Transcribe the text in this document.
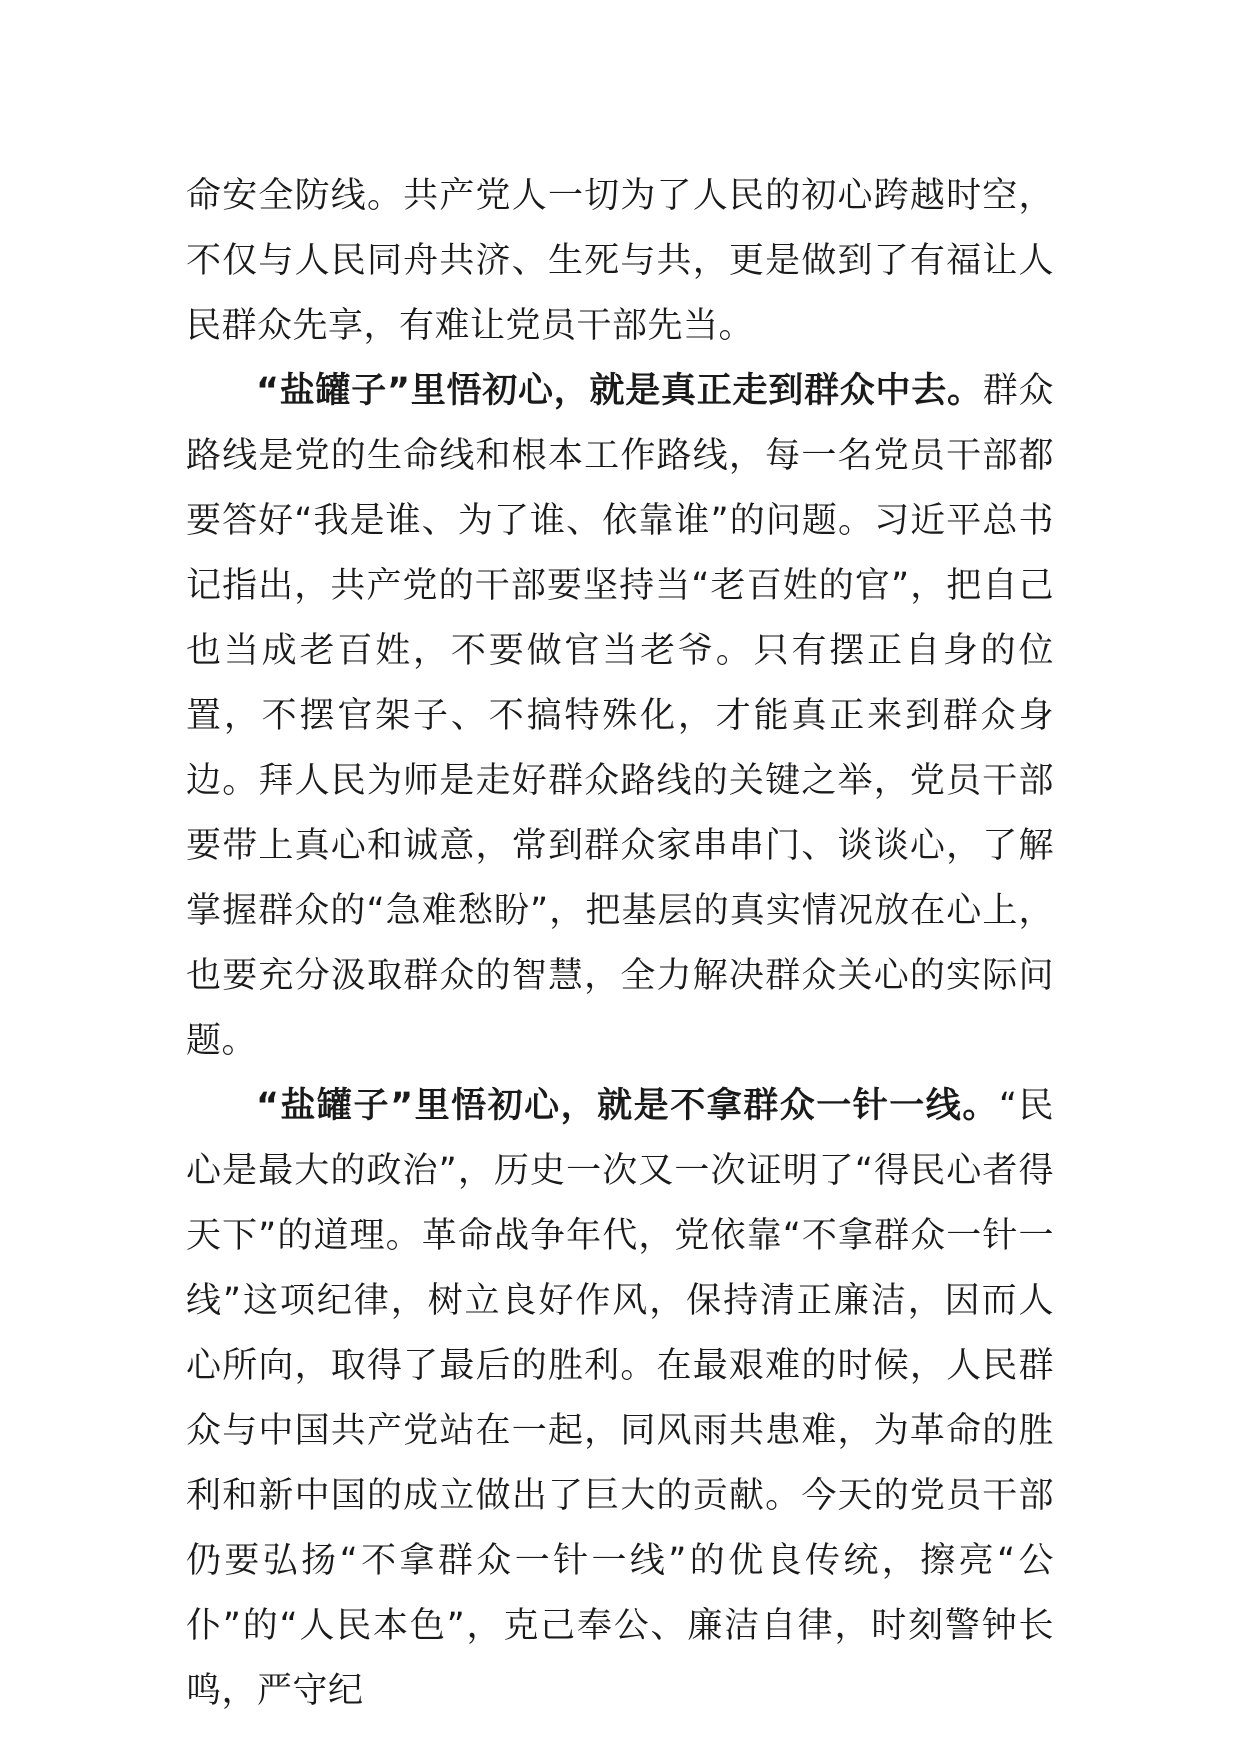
命安全防线。共产党人一切为了人民的初心跨越时空，不仅与人民同舟共济、生死与共，更是做到了有福让人民群众先享，有难让党员干部先当。

“盐罐子”里悟初心，就是真正走到群众中去。群众路线是党的生命线和根本工作路线，每一名党员干部都要答好“我是谁、为了谁、依靠谁”的问题。习近平总书记指出，共产党的干部要坚持当“老百姓的官”，把自己也当成老百姓，不要做官当老爷。只有摆正自身的位置，不摆官架子、不搞特殊化，才能真正来到群众身边。拜人民为师是走好群众路线的关键之举，党员干部要带上真心和诚意，常到群众家串串门、谈谈心，了解掌握群众的“急难愁盼”，把基层的真实情况放在心上，也要充分汲取群众的智慧，全力解决群众关心的实际问题。

“盐罐子”里悟初心，就是不拿群众一针一线。“民心是最大的政治”，历史一次又一次证明了“得民心者得天下”的道理。革命战争年代，党依靠“不拿群众一针一线”这项纪律，树立良好作风，保持清正廉洁，因而人心所向，取得了最后的胜利。在最艰难的时候，人民群众与中国共产党站在一起，同风雨共患难，为革命的胜利和新中国的成立做出了巨大的贡献。今天的党员干部仍要弘扬“不拿群众一针一线”的优良传统，擦亮“公仆”的“人民本色”，克己奉公、廉洁自律，时刻警钟长鸣，严守纪
